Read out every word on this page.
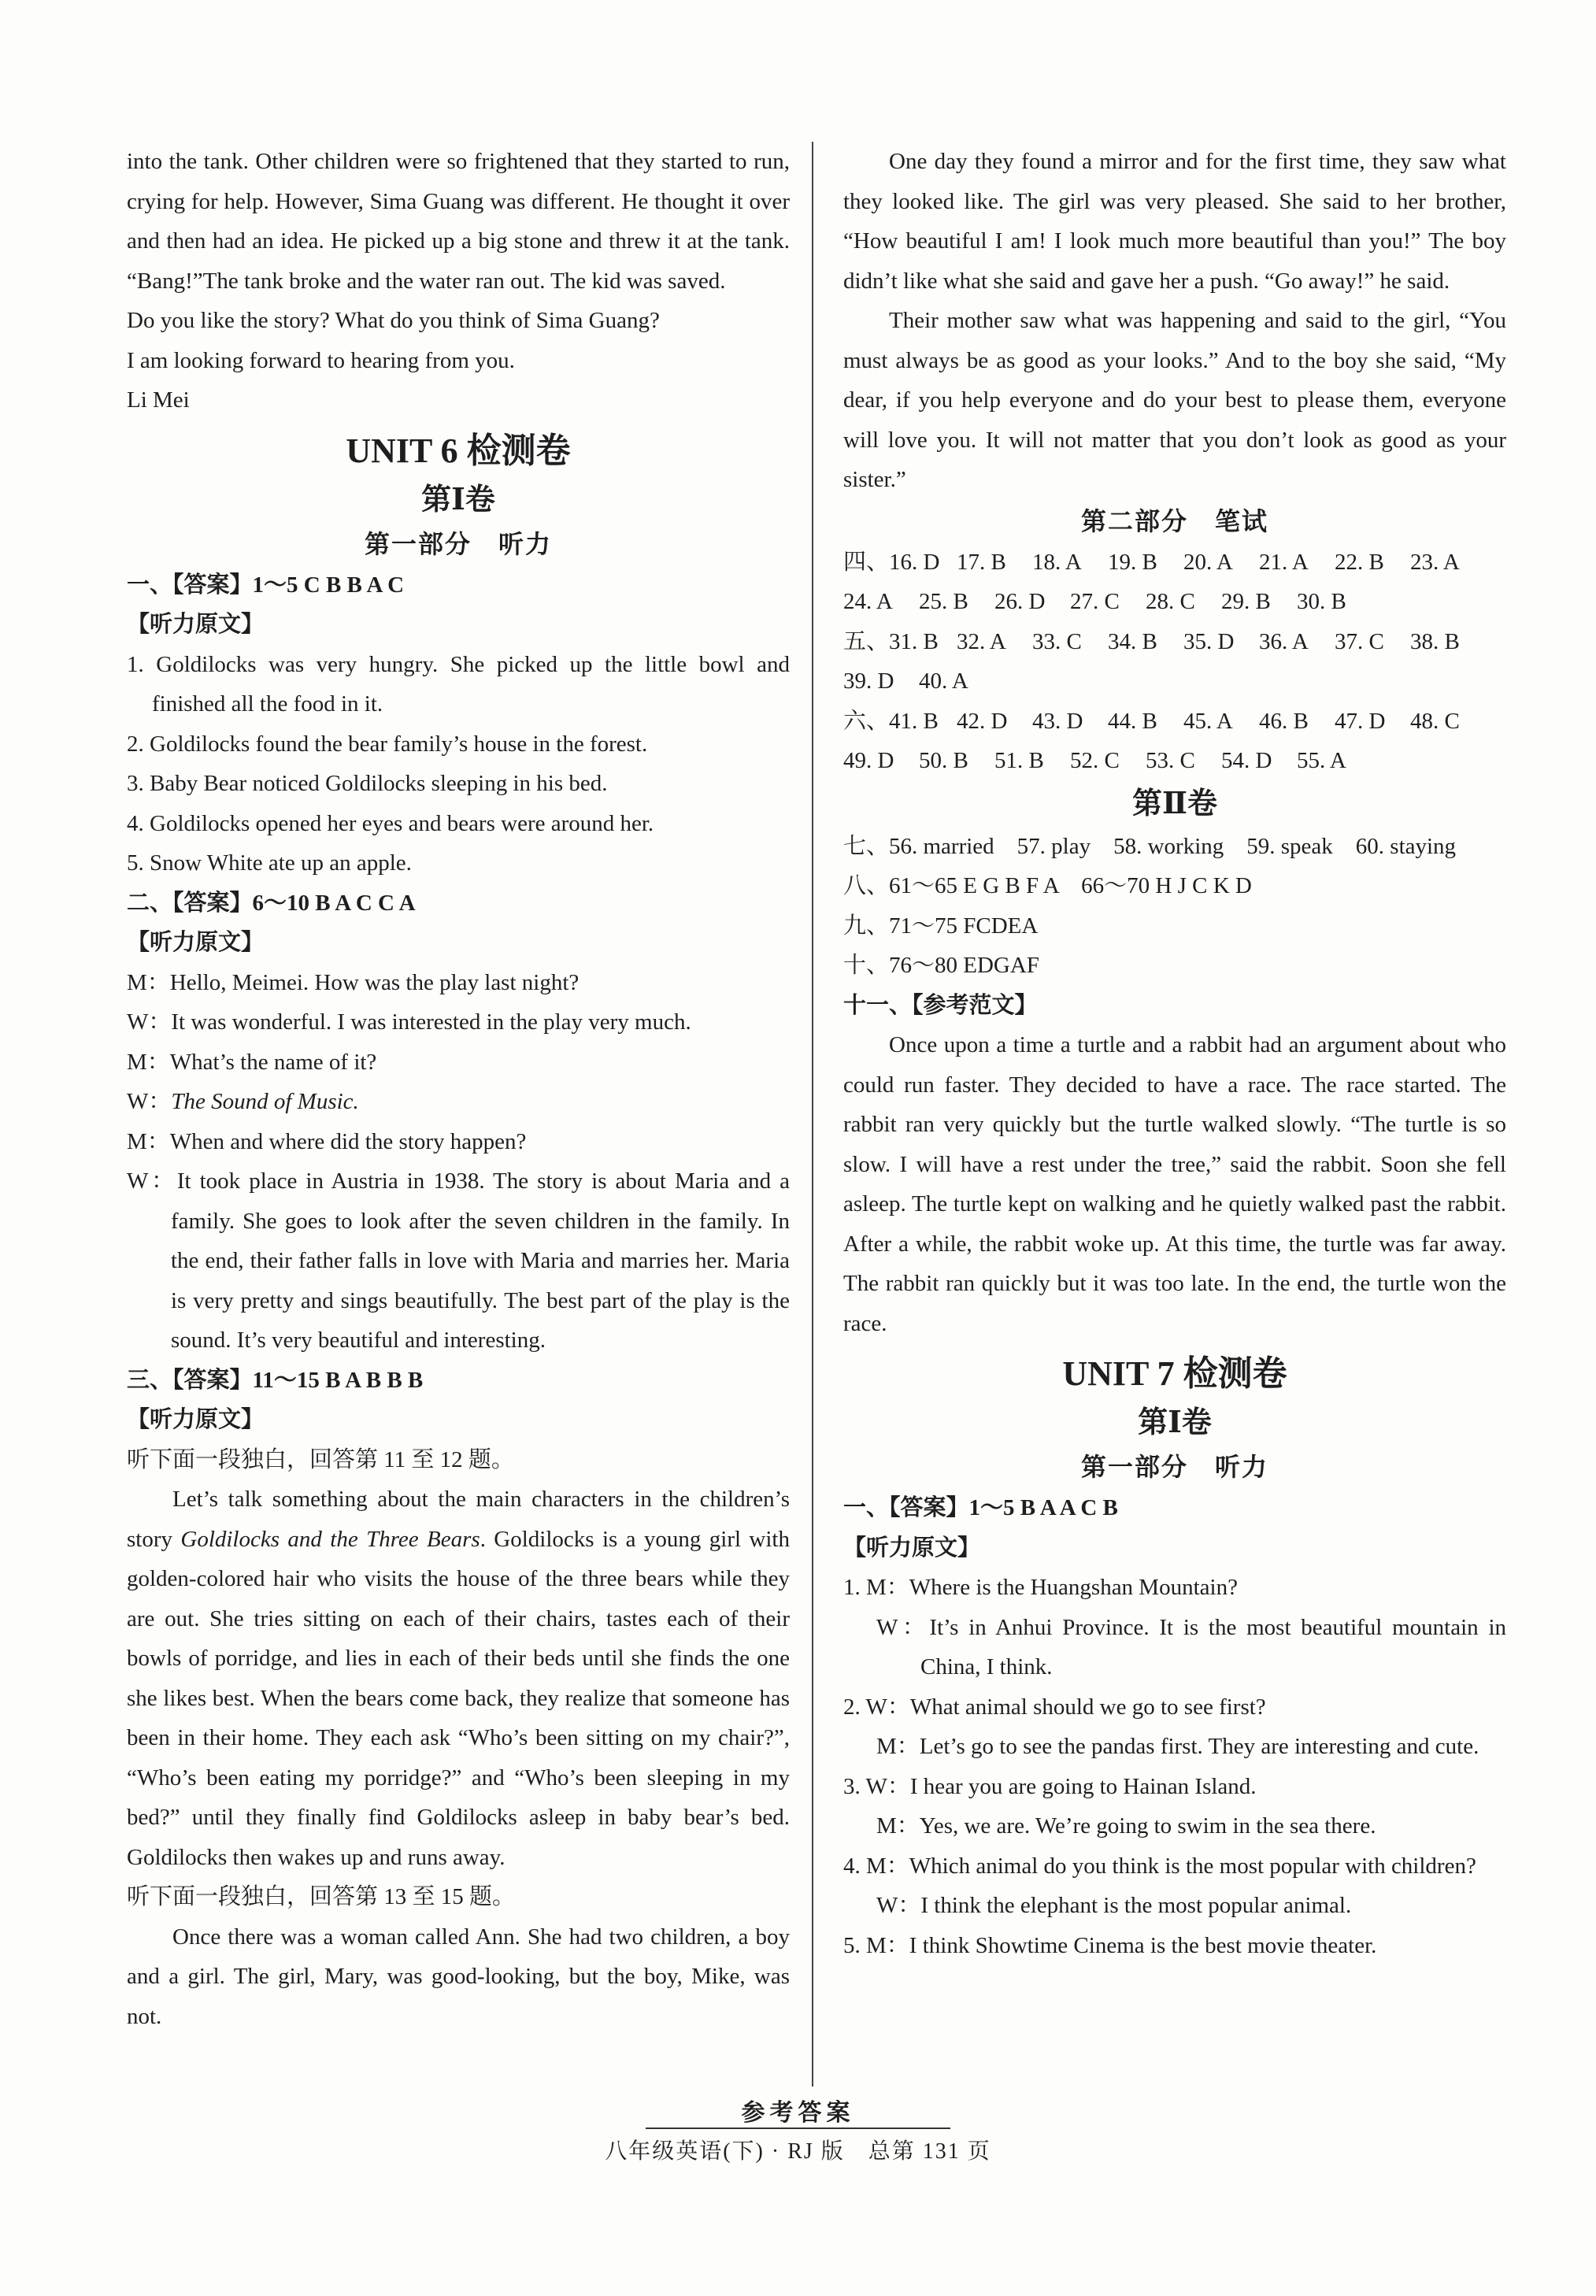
into the tank. Other children were so frightened that they started to run, crying for help. However, Sima Guang was different. He thought it over and then had an idea. He picked up a big stone and threw it at the tank. “Bang!”The tank broke and the water ran out. The kid was saved.

Do you like the story? What do you think of Sima Guang?

I am looking forward to hearing from you.

Li Mei

UNIT 6 检测卷
第Ⅰ卷
第一部分　听力

一、【答案】1～5 C B B A C

【听力原文】

1. Goldilocks was very hungry. She picked up the little bowl and finished all the food in it.

2. Goldilocks found the bear family’s house in the forest.

3. Baby Bear noticed Goldilocks sleeping in his bed.

4. Goldilocks opened her eyes and bears were around her.

5. Snow White ate up an apple.

二、【答案】6～10 B A C C A

【听力原文】

M：Hello, Meimei. How was the play last night?

W：It was wonderful. I was interested in the play very much.

M：What’s the name of it?

W：The Sound of Music.

M：When and where did the story happen?

W：It took place in Austria in 1938. The story is about Maria and a family. She goes to look after the seven children in the family. In the end, their father falls in love with Maria and marries her. Maria is very pretty and sings beautifully. The best part of the play is the sound. It’s very beautiful and interesting.

三、【答案】11～15 B A B B B

【听力原文】

听下面一段独白，回答第 11 至 12 题。

Let’s talk something about the main characters in the children’s story Goldilocks and the Three Bears. Goldilocks is a young girl with golden-colored hair who visits the house of the three bears while they are out. She tries sitting on each of their chairs, tastes each of their bowls of porridge, and lies in each of their beds until she finds the one she likes best. When the bears come back, they realize that someone has been in their home. They each ask “Who’s been sitting on my chair?”, “Who’s been eating my porridge?” and “Who’s been sleeping in my bed?” until they finally find Goldilocks asleep in baby bear’s bed. Goldilocks then wakes up and runs away.

听下面一段独白，回答第 13 至 15 题。

Once there was a woman called Ann. She had two children, a boy and a girl. The girl, Mary, was good-looking, but the boy, Mike, was not.

One day they found a mirror and for the first time, they saw what they looked like. The girl was very pleased. She said to her brother, “How beautiful I am! I look much more beautiful than you!” The boy didn’t like what she said and gave her a push. “Go away!” he said.

Their mother saw what was happening and said to the girl, “You must always be as good as your looks.” And to the boy she said, “My dear, if you help everyone and do your best to please them, everyone will love you. It will not matter that you don’t look as good as your sister.”

第二部分　笔试

四、16. D 17. B 18. A 19. B 20. A 21. A 22. B 23. A

24. A 25. B 26. D 27. C 28. C 29. B 30. B

五、31. B 32. A 33. C 34. B 35. D 36. A 37. C 38. B

39. D 40. A

六、41. B 42. D 43. D 44. B 45. A 46. B 47. D 48. C

49. D 50. B 51. B 52. C 53. C 54. D 55. A

第Ⅱ卷

七、56. married　57. play　58. working　59. speak　60. staying

八、61～65 E G B F A　66～70 H J C K D

九、71～75 FCDEA

十、76～80 EDGAF

十一、【参考范文】

Once upon a time a turtle and a rabbit had an argument about who could run faster. They decided to have a race. The race started. The rabbit ran very quickly but the turtle walked slowly. “The turtle is so slow. I will have a rest under the tree,” said the rabbit. Soon she fell asleep. The turtle kept on walking and he quietly walked past the rabbit. After a while, the rabbit woke up. At this time, the turtle was far away. The rabbit ran quickly but it was too late. In the end, the turtle won the race.

UNIT 7 检测卷
第Ⅰ卷
第一部分　听力

一、【答案】1～5 B A A C B

【听力原文】

1. M：Where is the Huangshan Mountain?

W：It’s in Anhui Province. It is the most beautiful mountain in China, I think.

2. W：What animal should we go to see first?

M：Let’s go to see the pandas first. They are interesting and cute.

3. W：I hear you are going to Hainan Island.

M：Yes, we are. We’re going to swim in the sea there.

4. M：Which animal do you think is the most popular with children?

W：I think the elephant is the most popular animal.

5. M：I think Showtime Cinema is the best movie theater.

参考答案
八年级英语(下) · RJ 版　总第 131 页
